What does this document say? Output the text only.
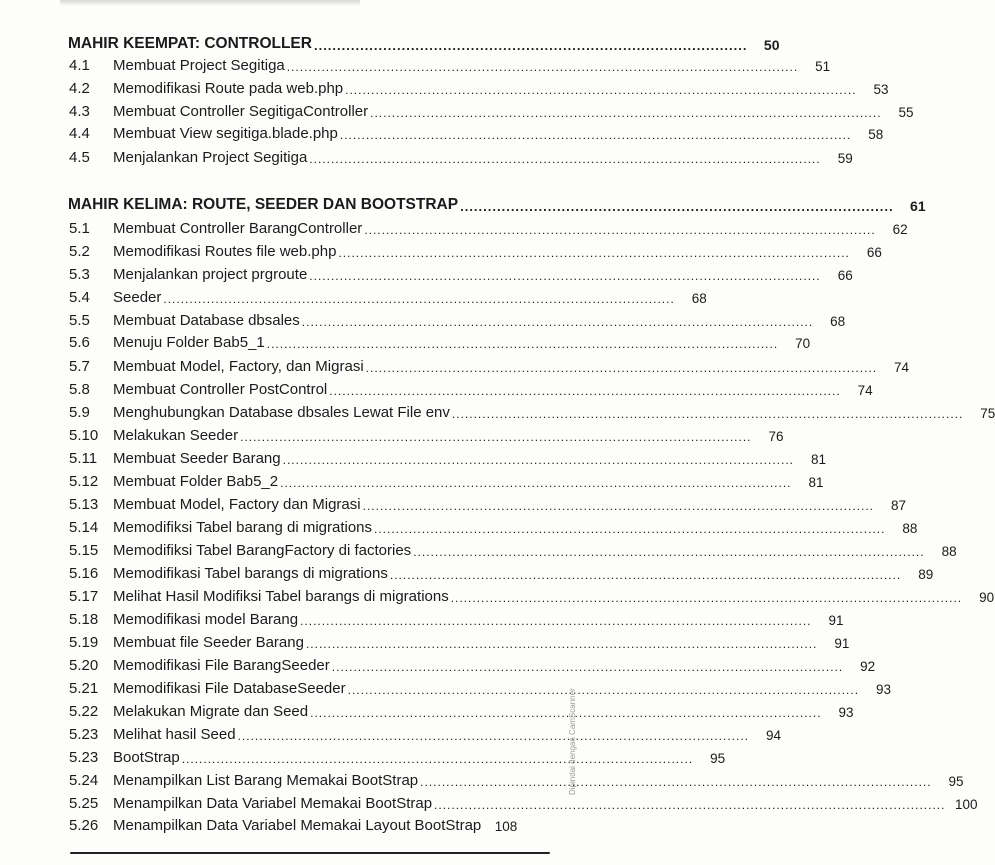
MAHIR KEEMPAT: CONTROLLER ..............................................................................................	50
4.1	Membuat Project Segitiga ......................................................................................................................	51
4.2	Memodifikasi Route pada web.php ......................................................................................................................	53
4.3	Membuat Controller SegitigaController ......................................................................................................................	55
4.4	Membuat View segitiga.blade.php ......................................................................................................................	58
4.5	Menjalankan Project Segitiga ......................................................................................................................	59
MAHIR KELIMA: ROUTE, SEEDER DAN BOOTSTRAP ..............................................................................................	61
5.1	Membuat Controller BarangController ......................................................................................................................	62
5.2	Memodifikasi Routes file web.php ......................................................................................................................	66
5.3	Menjalankan project prgroute ......................................................................................................................	66
5.4	Seeder ......................................................................................................................	68
5.5	Membuat Database dbsales ......................................................................................................................	68
5.6	Menuju Folder Bab5_1 ......................................................................................................................	70
5.7	Membuat Model, Factory, dan Migrasi ......................................................................................................................	74
5.8	Membuat Controller PostControl ......................................................................................................................	74
5.9	Menghubungkan Database dbsales Lewat File env ......................................................................................................................	75
5.10 Melakukan Seeder ......................................................................................................................	76
5.11	Membuat Seeder Barang ......................................................................................................................	81
5.12 Membuat Folder Bab5_2 ......................................................................................................................	81
5.13 Membuat Model, Factory dan Migrasi ......................................................................................................................	87
5.14 Memodifiksi Tabel barang di migrations ......................................................................................................................	88
5.15 Memodifiksi Tabel BarangFactory di factories ......................................................................................................................	88
5.16 Memodifikasi Tabel barangs di migrations ......................................................................................................................	89
5.17 Melihat Hasil Modifiksi Tabel barangs di migrations ......................................................................................................................	90
5.18 Memodifikasi model Barang ......................................................................................................................	91
5.19 Membuat file Seeder Barang ......................................................................................................................	91
5.20 Memodifikasi File BarangSeeder ......................................................................................................................	92
5.21 Memodifikasi File DatabaseSeeder ......................................................................................................................	93
5.22 Melakukan Migrate dan Seed ......................................................................................................................	93
5.23 Melihat hasil Seed ......................................................................................................................	94
5.23 BootStrap ......................................................................................................................	95
5.24 Menampilkan List Barang Memakai BootStrap ......................................................................................................................	95
5.25 Menampilkan Data Variabel Memakai BootStrap ...................................................................................................................... 100
5.26 Menampilkan Data Variabel Memakai Layout BootStrap 108
Dipindai dengan CamScanner
